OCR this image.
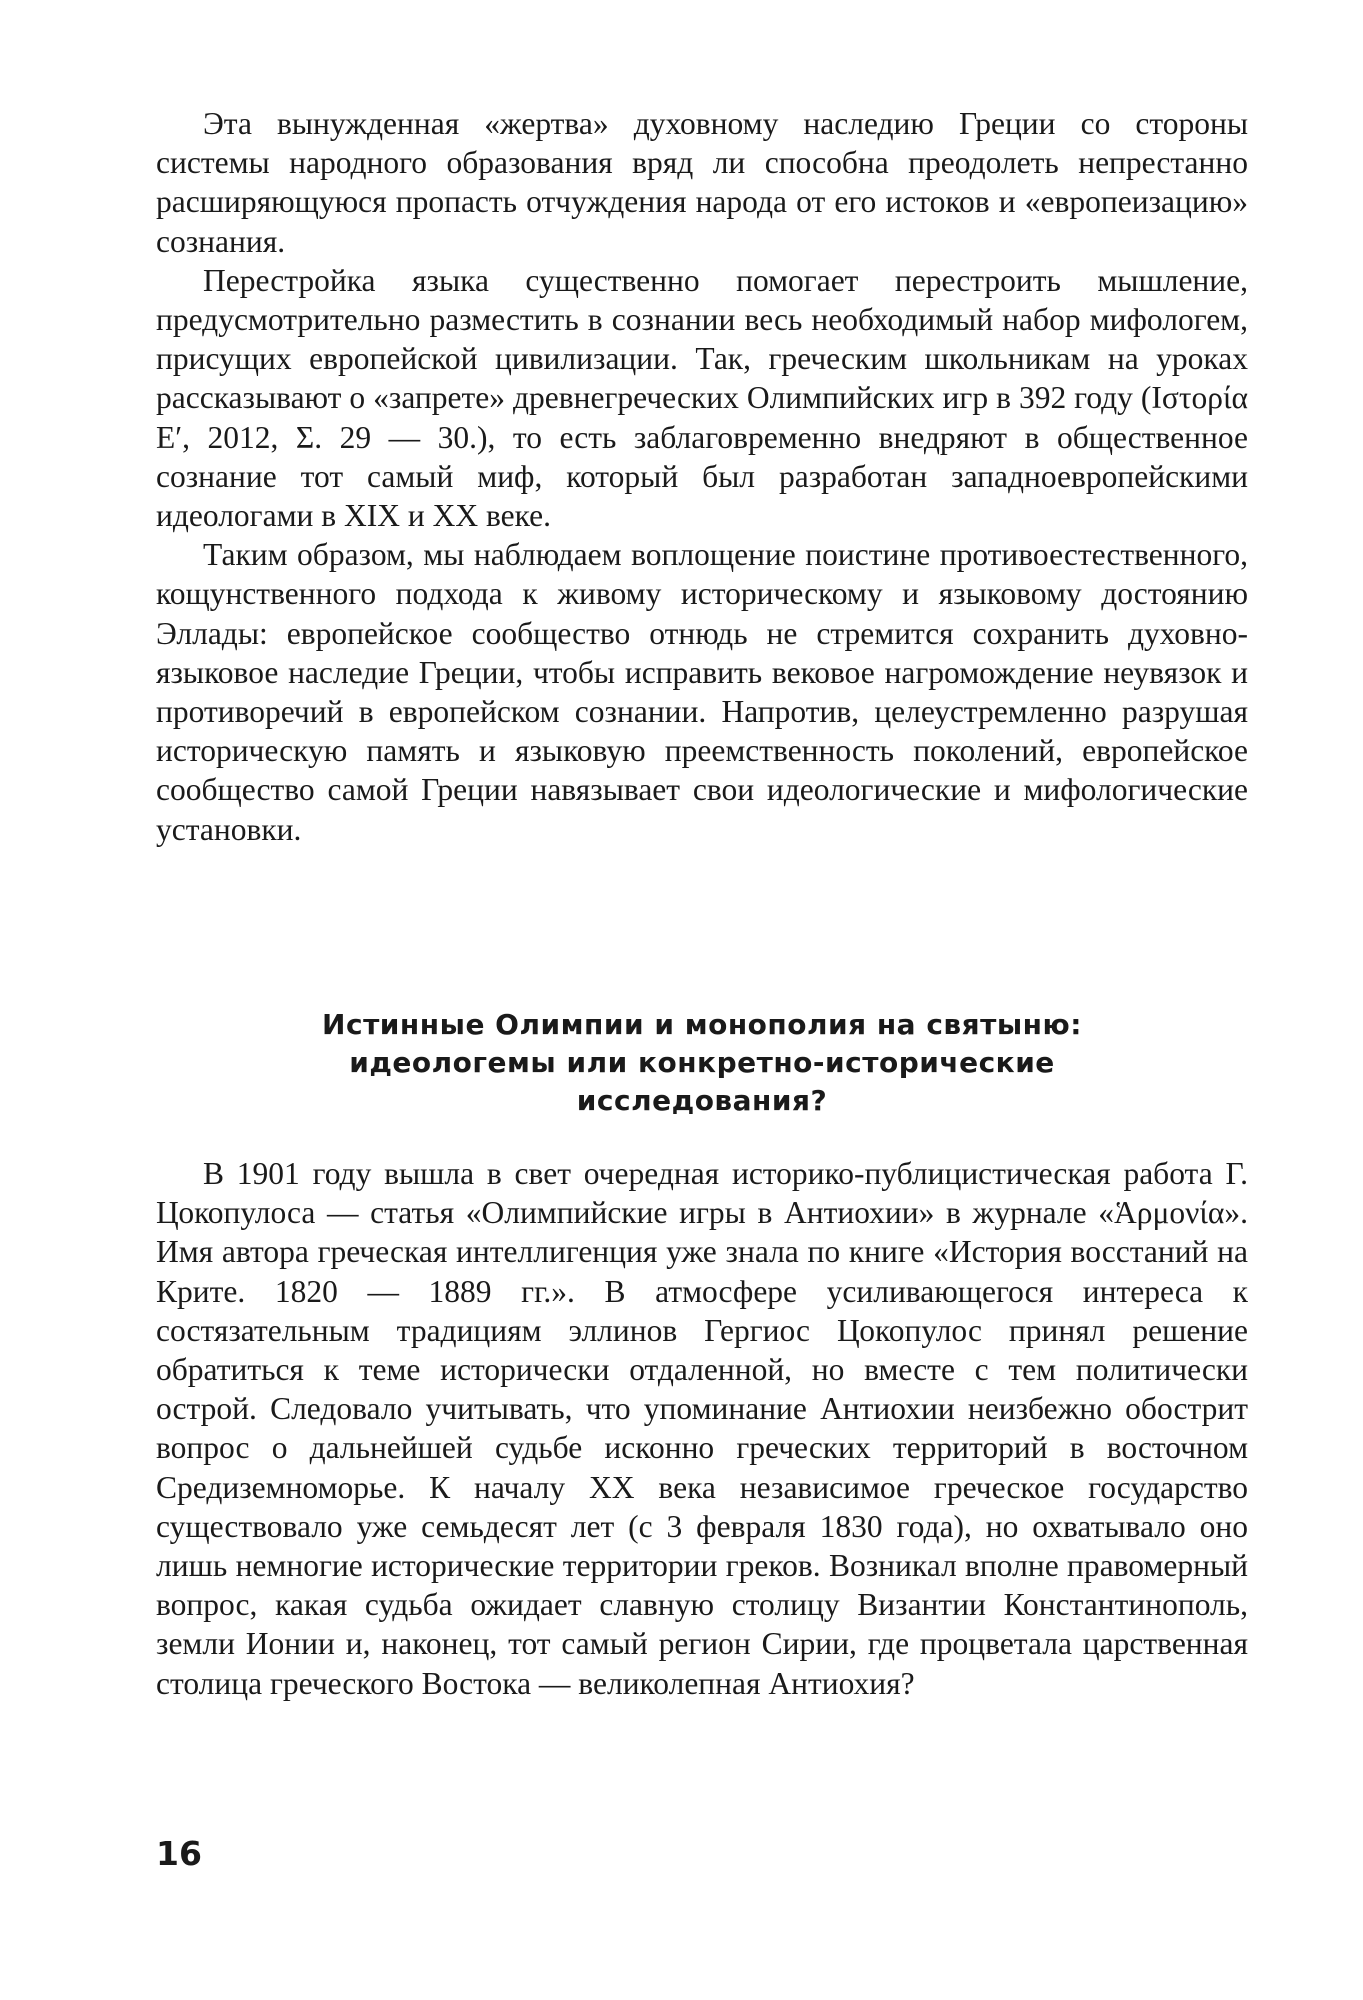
Эта вынужденная «жертва» духовному наследию Греции со стороны системы народного образования вряд ли способна преодолеть непрестанно расширяющуюся пропасть отчуждения народа от его истоков и «европеизацию» сознания.

Перестройка языка существенно помогает перестроить мышление, предусмотрительно разместить в сознании весь необходимый набор мифологем, присущих европейской цивилизации. Так, греческим школьникам на уроках рассказывают о «запрете» древнегреческих Олимпийских игр в 392 году (Ιστορία Ε′, 2012, Σ. 29 — 30.), то есть заблаговременно внедряют в общественное сознание тот самый миф, который был разработан западноевропейскими идеологами в XIX и XX веке.

Таким образом, мы наблюдаем воплощение поистине противоестественного, кощунственного подхода к живому историческому и языковому достоянию Эллады: европейское сообщество отнюдь не стремится сохранить духовно-языковое наследие Греции, чтобы исправить вековое нагромождение неувязок и противоречий в европейском сознании. Напротив, целеустремленно разрушая историческую память и языковую преемственность поколений, европейское сообщество самой Греции навязывает свои идеологические и мифологические установки.

Истинные Олимпии и монополия на святыню:
идеологемы или конкретно-исторические
исследования?

В 1901 году вышла в свет очередная историко-публицистическая работа Г. Цокопулоса — статья «Олимпийские игры в Антиохии» в журнале «Ἁρμονία». Имя автора греческая интеллигенция уже знала по книге «История восстаний на Крите. 1820 — 1889 гг.». В атмосфере усиливающегося интереса к состязательным традициям эллинов Гергиос Цокопулос принял решение обратиться к теме исторически отдаленной, но вместе с тем политически острой. Следовало учитывать, что упоминание Антиохии неизбежно обострит вопрос о дальнейшей судьбе исконно греческих территорий в восточном Средиземноморье. К началу XX века независимое греческое государство существовало уже семьдесят лет (с 3 февраля 1830 года), но охватывало оно лишь немногие исторические территории греков. Возникал вполне правомерный вопрос, какая судьба ожидает славную столицу Византии Константинополь, земли Ионии и, наконец, тот самый регион Сирии, где процветала царственная столица греческого Востока — великолепная Антиохия?

16
